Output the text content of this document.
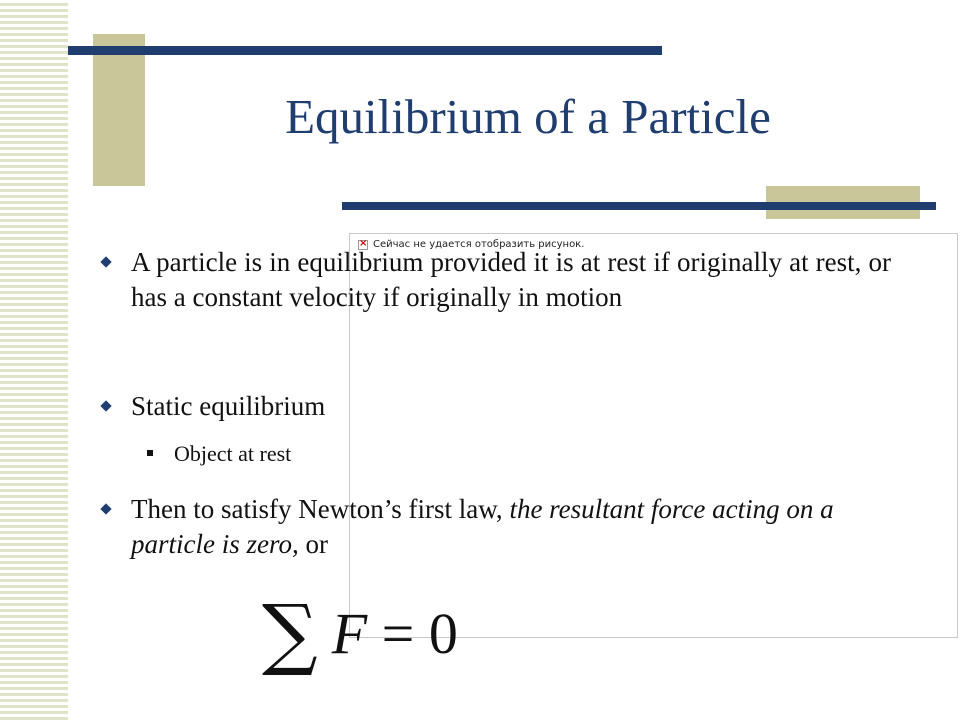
Equilibrium of a Particle
×
Сейчас не удается отобразить рисунок.
A particle is in equilibrium provided it is at rest if originally at rest, or has a constant velocity if originally in motion
Static equilibrium
Object at rest
Then to satisfy Newton’s first law, the resultant force acting on a particle is zero, or
∑ F = 0
